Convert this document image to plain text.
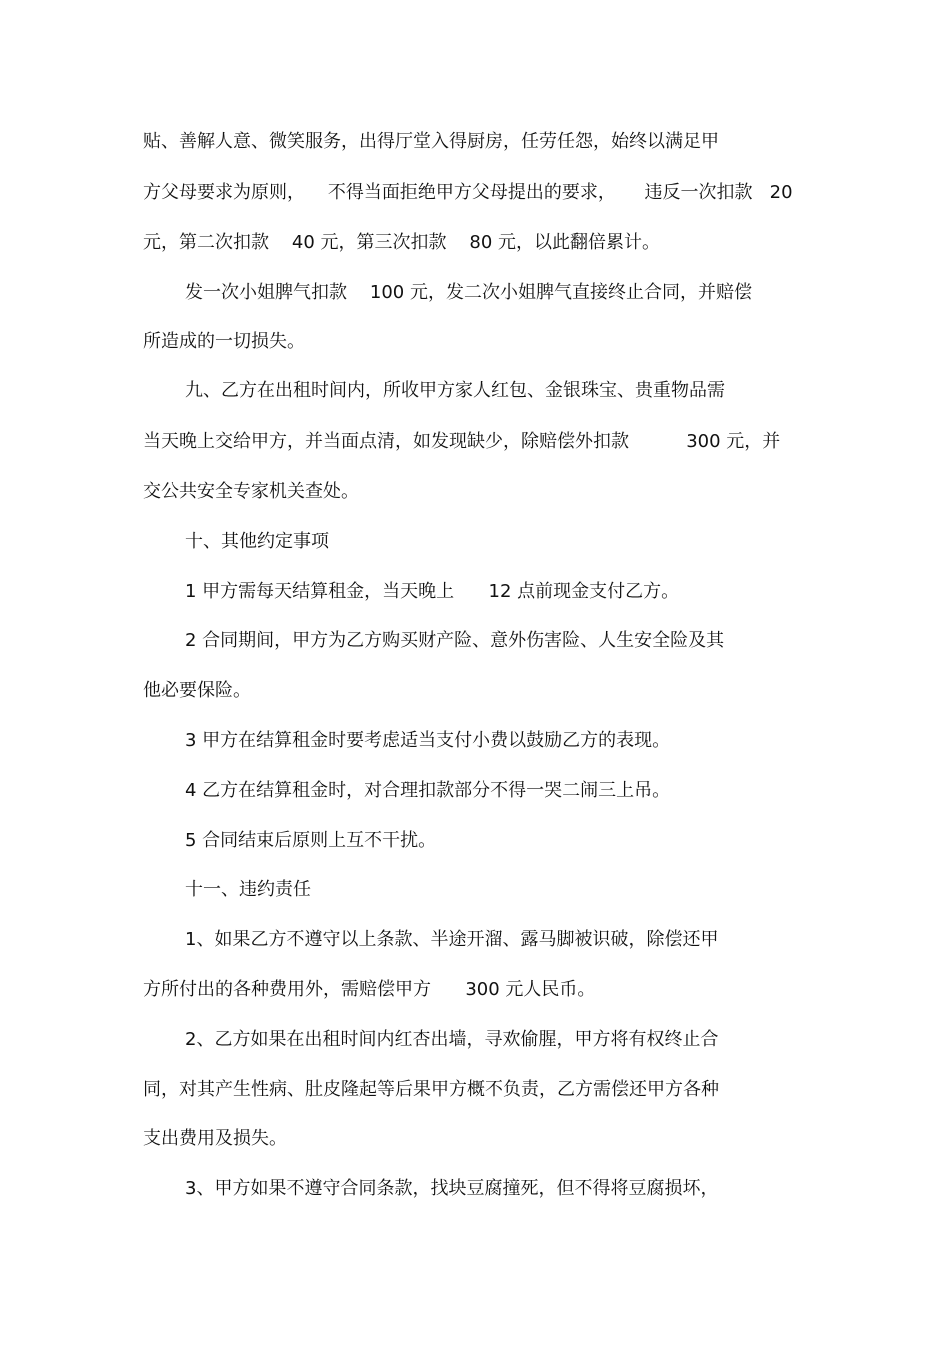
贴、善解人意、微笑服务，出得厅堂入得厨房，任劳任怨，始终以满足甲
方父母要求为原则，    不得当面拒绝甲方父母提出的要求，     违反一次扣款   20
元，第二次扣款    40 元，第三次扣款    80 元，以此翻倍累计。
发一次小姐脾气扣款    100 元，发二次小姐脾气直接终止合同，并赔偿
所造成的一切损失。
九、乙方在出租时间内，所收甲方家人红包、金银珠宝、贵重物品需
当天晚上交给甲方，并当面点清，如发现缺少，除赔偿外扣款          300 元，并
交公共安全专家机关查处。
十、其他约定事项
1 甲方需每天结算租金，当天晚上      12 点前现金支付乙方。
2 合同期间，甲方为乙方购买财产险、意外伤害险、人生安全险及其
他必要保险。
3 甲方在结算租金时要考虑适当支付小费以鼓励乙方的表现。
4 乙方在结算租金时，对合理扣款部分不得一哭二闹三上吊。
5 合同结束后原则上互不干扰。
十一、违约责任
1、如果乙方不遵守以上条款、半途开溜、露马脚被识破，除偿还甲
方所付出的各种费用外，需赔偿甲方      300 元人民币。
2、乙方如果在出租时间内红杏出墙，寻欢偷腥，甲方将有权终止合
同，对其产生性病、肚皮隆起等后果甲方概不负责，乙方需偿还甲方各种
支出费用及损失。
3、甲方如果不遵守合同条款，找块豆腐撞死，但不得将豆腐损坏，
